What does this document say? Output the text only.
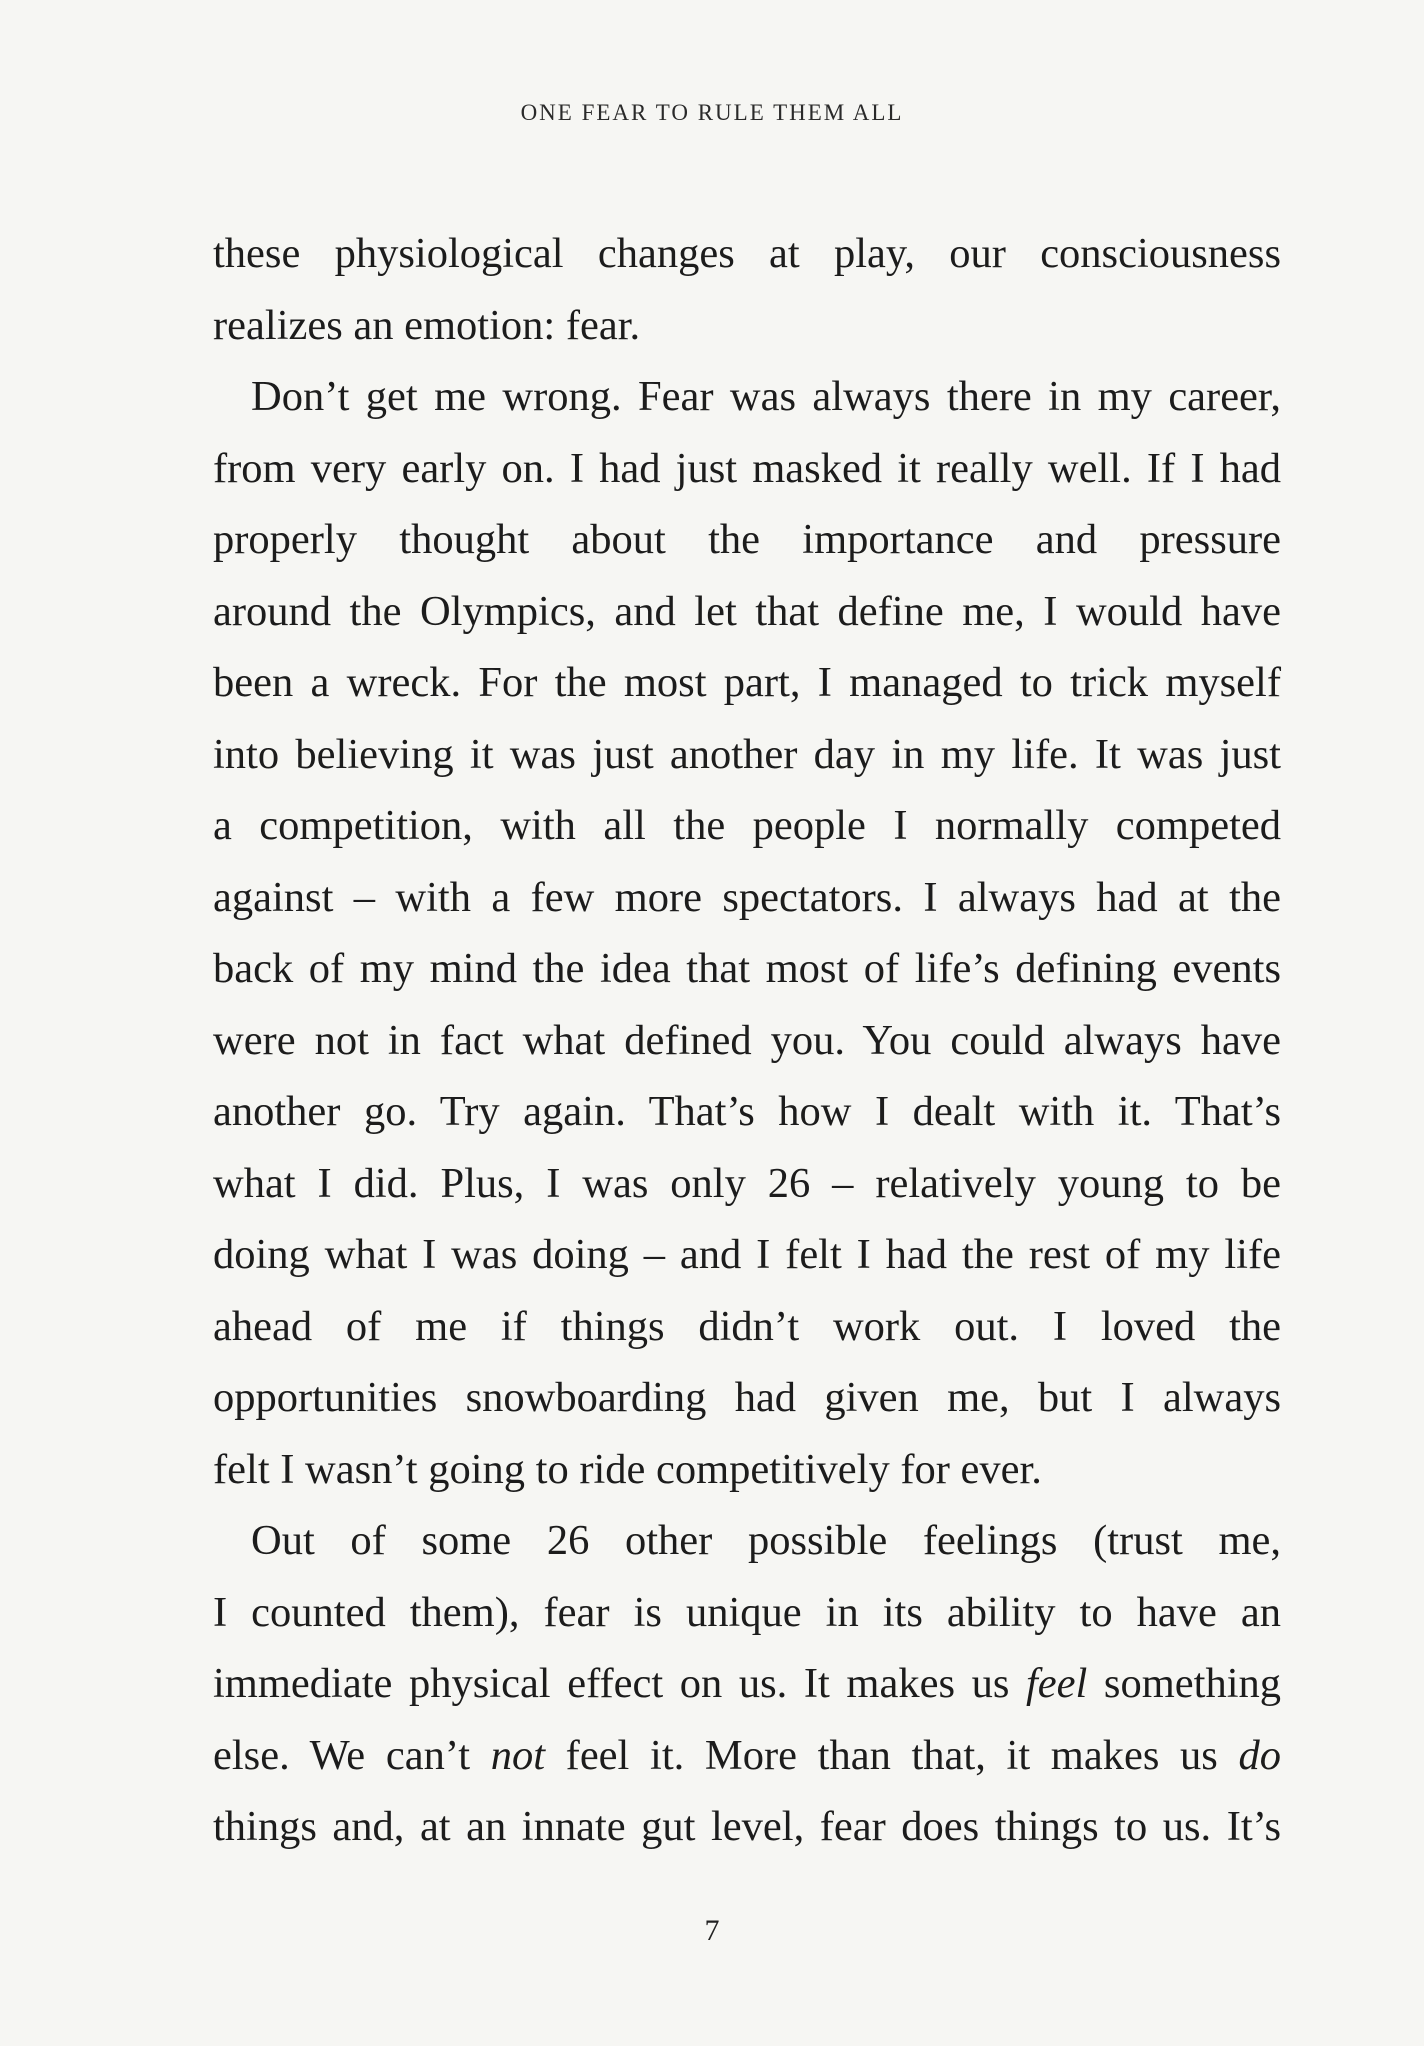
ONE FEAR TO RULE THEM ALL
these physiological changes at play, our consciousness
realizes an emotion: fear.
Don’t get me wrong. Fear was always there in my career,
from very early on. I had just masked it really well. If I had
properly thought about the importance and pressure
around the Olympics, and let that define me, I would have
been a wreck. For the most part, I managed to trick myself
into believing it was just another day in my life. It was just
a competition, with all the people I normally competed
against – with a few more spectators. I always had at the
back of my mind the idea that most of life’s defining events
were not in fact what defined you. You could always have
another go. Try again. That’s how I dealt with it. That’s
what I did. Plus, I was only 26 – relatively young to be
doing what I was doing – and I felt I had the rest of my life
ahead of me if things didn’t work out. I loved the
opportunities snowboarding had given me, but I always
felt I wasn’t going to ride competitively for ever.
Out of some 26 other possible feelings (trust me,
I counted them), fear is unique in its ability to have an
immediate physical effect on us. It makes us feel something
else. We can’t not feel it. More than that, it makes us do
things and, at an innate gut level, fear does things to us. It’s
7
